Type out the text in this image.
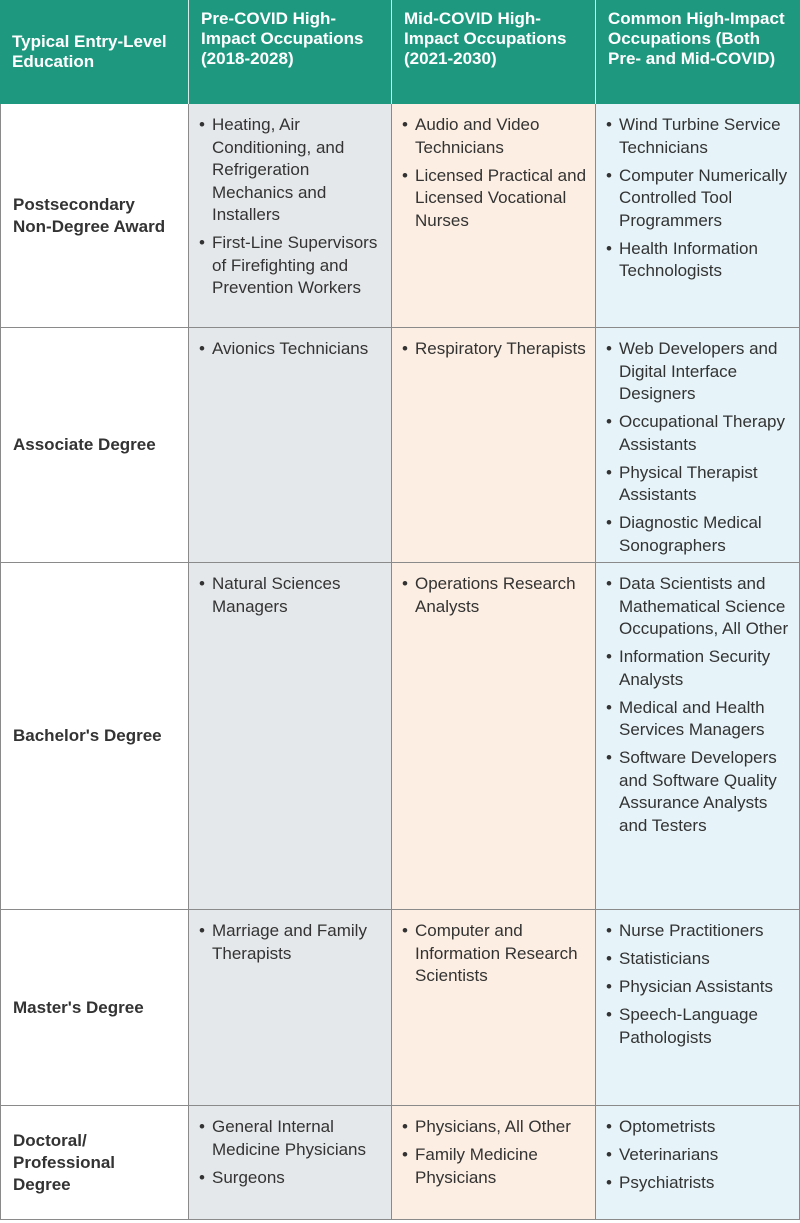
Typical Entry-Level Education
Pre-COVID High-Impact Occupations (2018-2028)
Mid-COVID High-Impact Occupations (2021-2030)
Common High-Impact Occupations (Both Pre- and Mid-COVID)
Postsecondary Non-Degree Award
• Heating, Air Conditioning, and Refrigeration Mechanics and Installers
• First-Line Supervisors of Firefighting and Prevention Workers
• Audio and Video Technicians
• Licensed Practical and Licensed Vocational Nurses
• Wind Turbine Service Technicians
• Computer Numerically Controlled Tool Programmers
• Health Information Technologists
Associate Degree
• Avionics Technicians	• Respiratory Therapists	• Web Developers and Digital Interface Designers
• Occupational Therapy Assistants
• Physical Therapist Assistants
• Diagnostic Medical Sonographers
Bachelor's Degree
• Natural Sciences Managers
• Operations Research Analysts
• Data Scientists and Mathematical Science Occupations, All Other
• Information Security Analysts
• Medical and Health Services Managers
• Software Developers and Software Quality Assurance Analysts and Testers
Master's Degree
• Marriage and Family Therapists
• Computer and Information Research Scientists
• Nurse Practitioners
• Statisticians
• Physician Assistants
• Speech-Language Pathologists
Doctoral/ Professional Degree
• General Internal Medicine Physicians
• Surgeons
• Physicians, All Other
• Family Medicine Physicians
• Optometrists
• Veterinarians
• Psychiatrists
